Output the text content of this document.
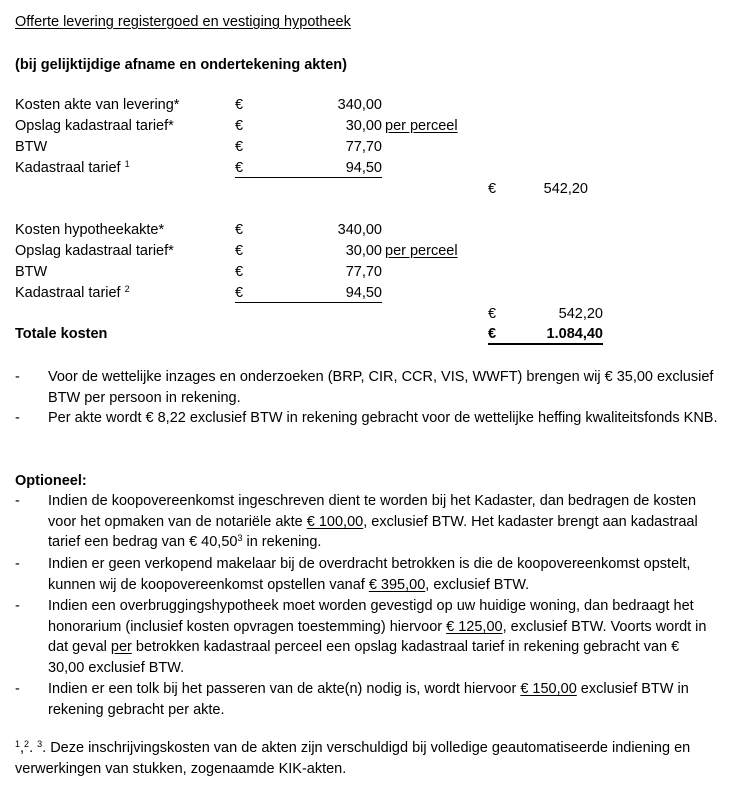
Offerte levering registergoed en vestiging hypotheek
(bij gelijktijdige afname en ondertekening akten)
Kosten akte van levering*	€	340,00
Opslag kadastraal tarief*	€	30,00 per perceel
BTW	€	77,70
Kadastraal tarief $^1$	€	94,50
€	542,20
Kosten hypotheekakte*	€	340,00
Opslag kadastraal tarief*	€	30,00 per perceel
BTW	€	77,70
Kadastraal tarief $^2$	€	94,50
€	542,20
Totale kosten	€	1.084,40
- Voor de wettelijke inzages en onderzoeken (BRP, CIR, CCR, VIS, WWFT) brengen wij € 35,00 exclusief BTW per persoon in rekening.
- Per akte wordt € 8,22 exclusief BTW in rekening gebracht voor de wettelijke heffing kwaliteitsfonds KNB.
Optioneel:
- Indien de koopovereenkomst ingeschreven dient te worden bij het Kadaster, dan bedragen de kosten voor het opmaken van de notariële akte € 100,00, exclusief BTW. Het kadaster brengt aan kadastraal tarief een bedrag van € 40,50$^3$ in rekening.
- Indien er geen verkopend makelaar bij de overdracht betrokken is die de koopovereenkomst opstelt, kunnen wij de koopovereenkomst opstellen vanaf € 395,00, exclusief BTW.
- Indien een overbruggingshypotheek moet worden gevestigd op uw huidige woning, dan bedraagt het honorarium (inclusief kosten opvragen toestemming) hiervoor € 125,00, exclusief BTW. Voorts wordt in dat geval per betrokken kadastraal perceel een opslag kadastraal tarief in rekening gebracht van € 30,00 exclusief BTW.
- Indien er een tolk bij het passeren van de akte(n) nodig is, wordt hiervoor € 150,00 exclusief BTW in rekening gebracht per akte.
$^1$,$^2$. $^3$. Deze inschrijvingskosten van de akten zijn verschuldigd bij volledige geautomatiseerde indiening en verwerkingen van stukken, zogenaamde KIK-akten.
